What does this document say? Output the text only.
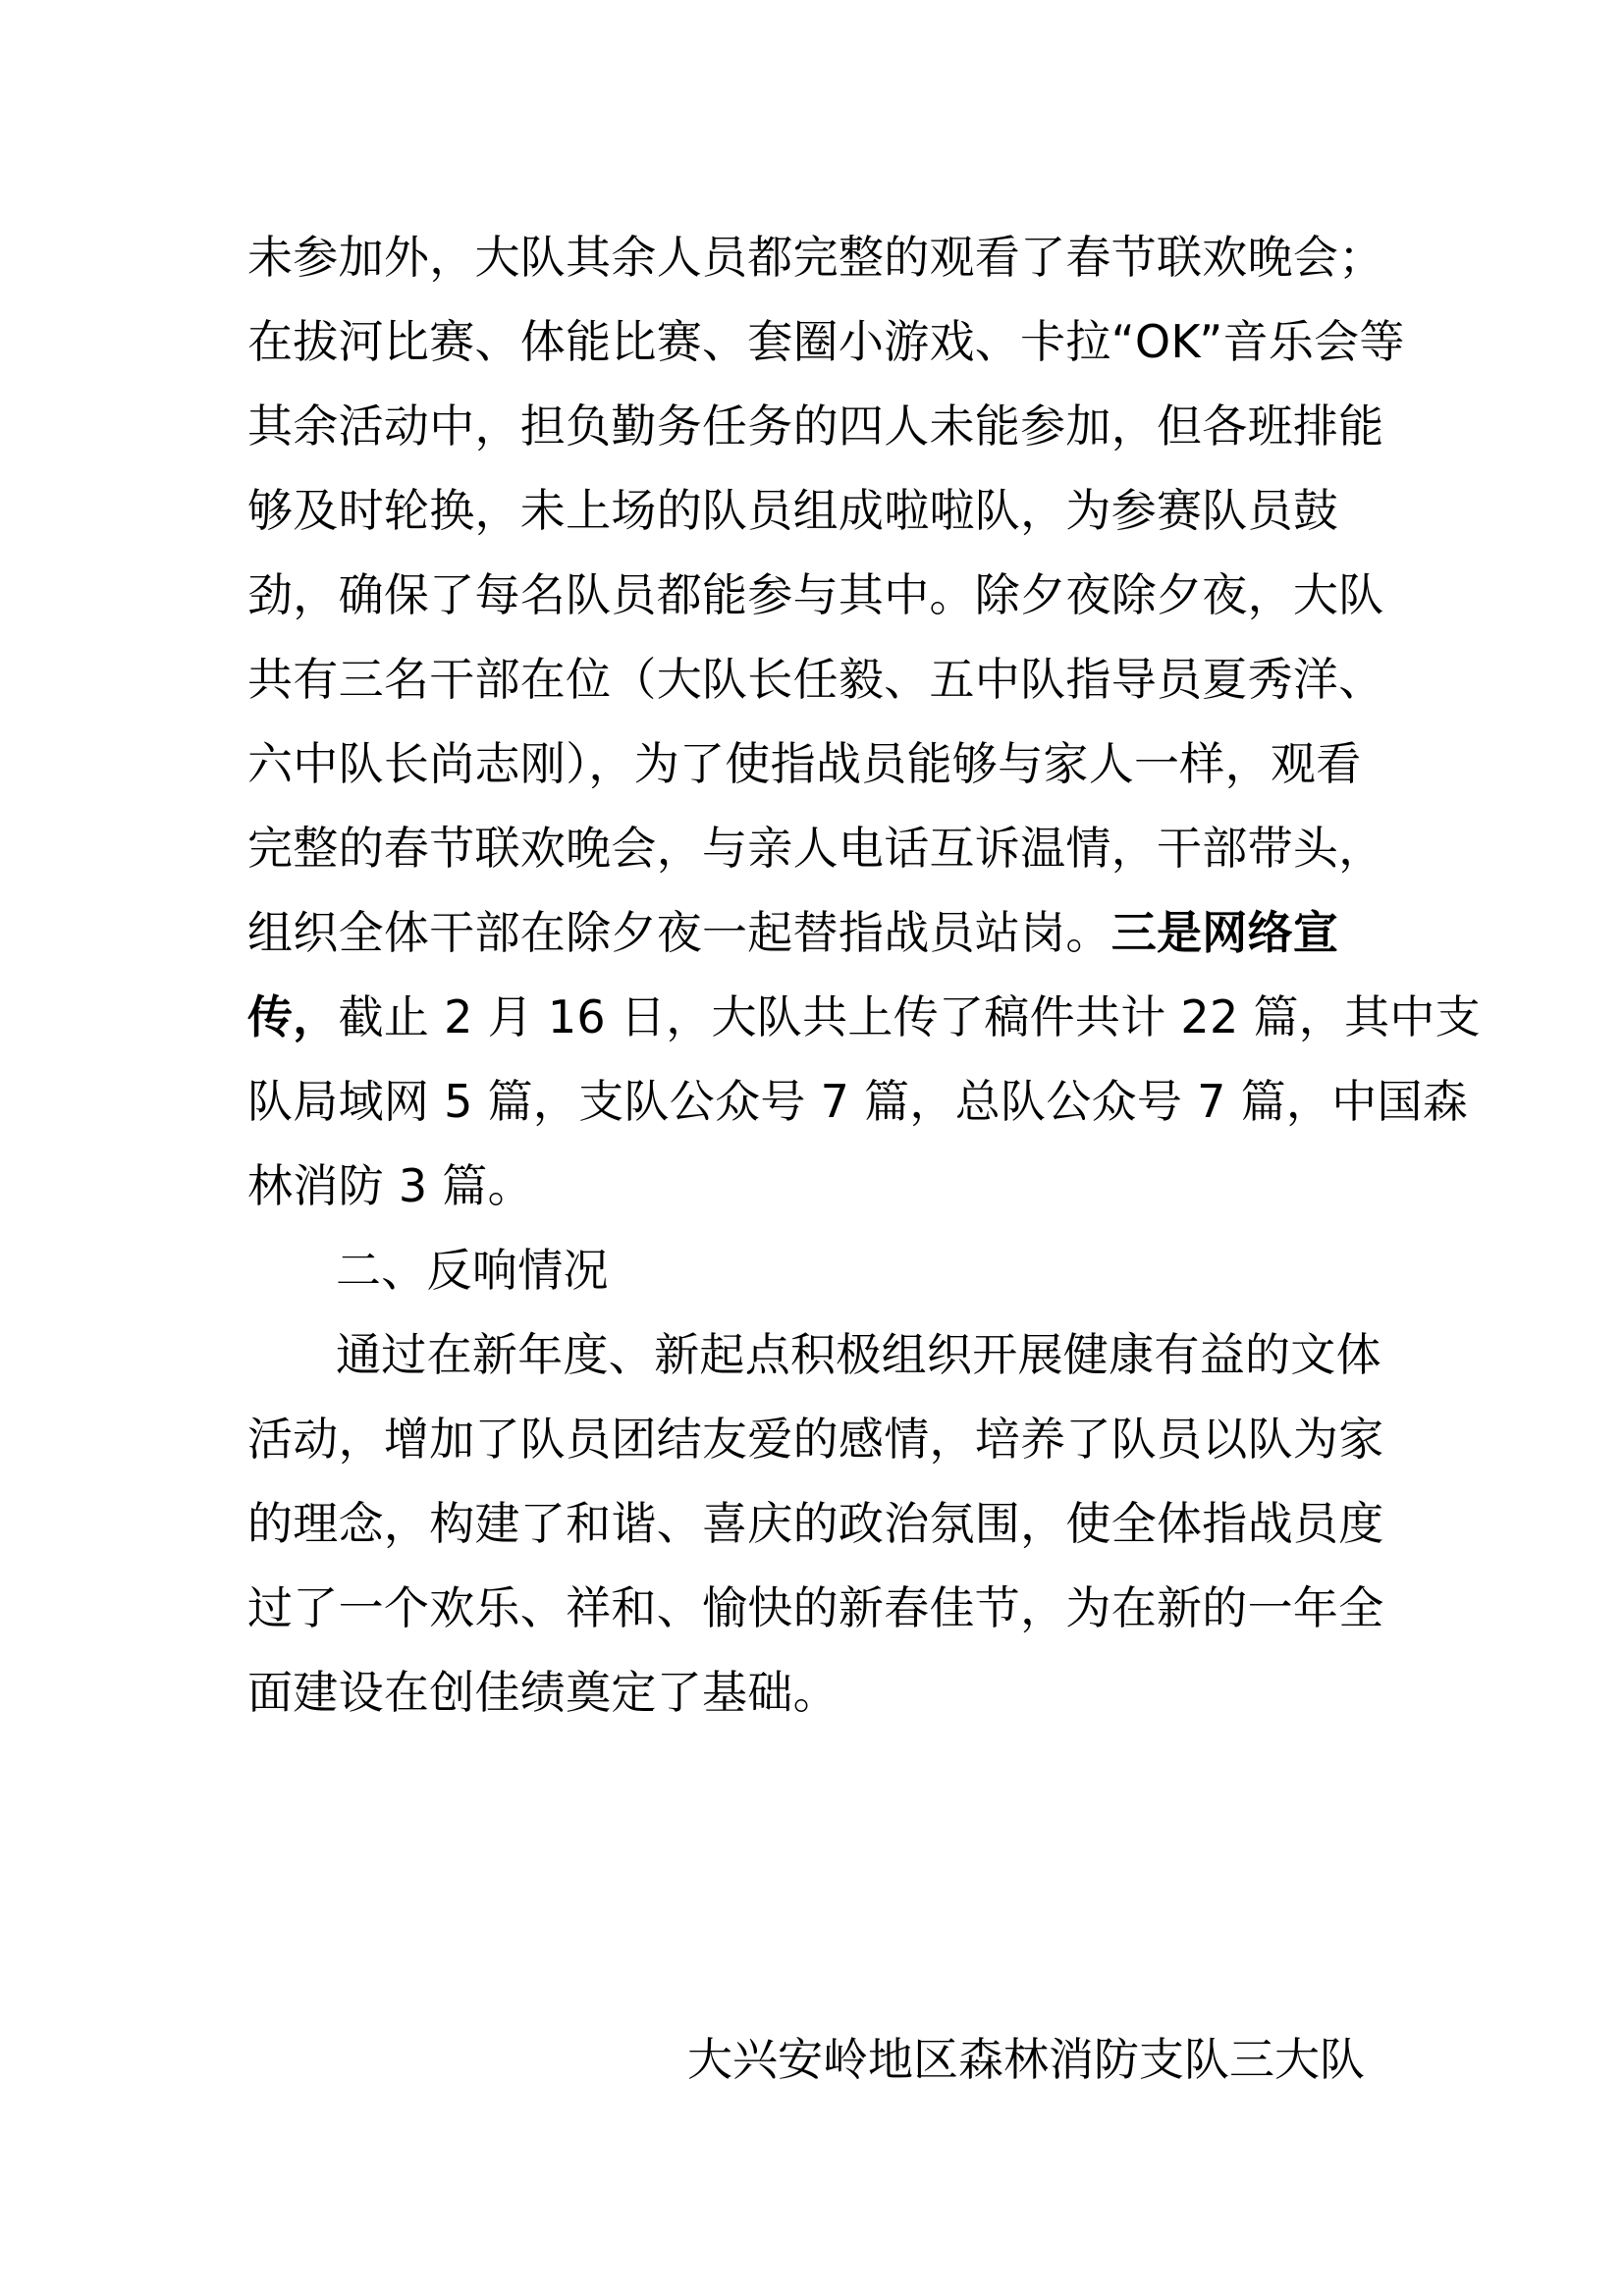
未参加外，大队其余人员都完整的观看了春节联欢晚会；
在拔河比赛、体能比赛、套圈小游戏、卡拉“OK”音乐会等
其余活动中，担负勤务任务的四人未能参加，但各班排能
够及时轮换，未上场的队员组成啦啦队，为参赛队员鼓
劲，确保了每名队员都能参与其中。除夕夜除夕夜，大队
共有三名干部在位（大队长任毅、五中队指导员夏秀洋、
六中队长尚志刚），为了使指战员能够与家人一样，观看
完整的春节联欢晚会，与亲人电话互诉温情，干部带头，
组织全体干部在除夕夜一起替指战员站岗。三是网络宣
传，截止 2 月 16 日，大队共上传了稿件共计 22 篇，其中支
队局域网 5 篇，支队公众号 7 篇，总队公众号 7 篇，中国森
林消防 3 篇。
二、反响情况
通过在新年度、新起点积极组织开展健康有益的文体
活动，增加了队员团结友爱的感情，培养了队员以队为家
的理念，构建了和谐、喜庆的政治氛围，使全体指战员度
过了一个欢乐、祥和、愉快的新春佳节，为在新的一年全
面建设在创佳绩奠定了基础。
大兴安岭地区森林消防支队三大队
